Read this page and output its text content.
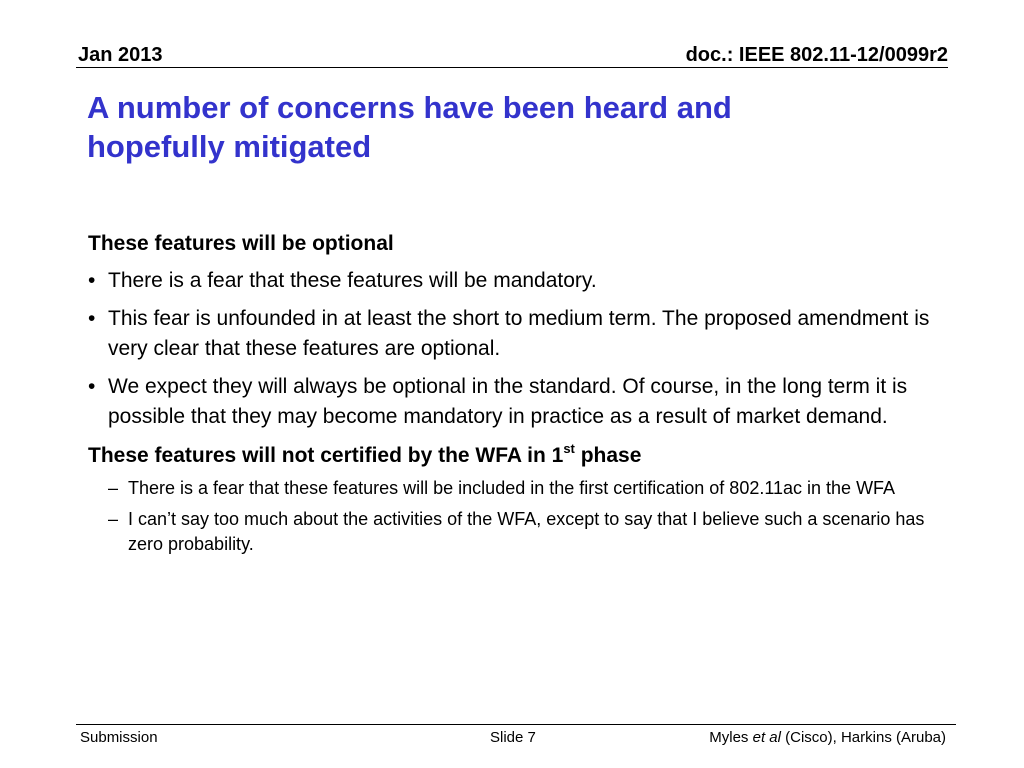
Jan 2013	doc.: IEEE 802.11-12/0099r2
A number of concerns have been heard and
hopefully mitigated
These features will be optional
• There is a fear that these features will be mandatory.
• This fear is unfounded in at least the short to medium term. The proposed amendment is very clear that these features are optional.
• We expect they will always be optional in the standard. Of course, in the long term it is possible that they may become mandatory in practice as a result of market demand.
These features will not certified by the WFA in 1st phase
– There is a fear that these features will be included in the first certification of 802.11ac in the WFA
– I can’t say too much about the activities of the WFA, except to say that I believe such a scenario has zero probability.
Submission	Slide 7	Myles et al (Cisco), Harkins (Aruba)
